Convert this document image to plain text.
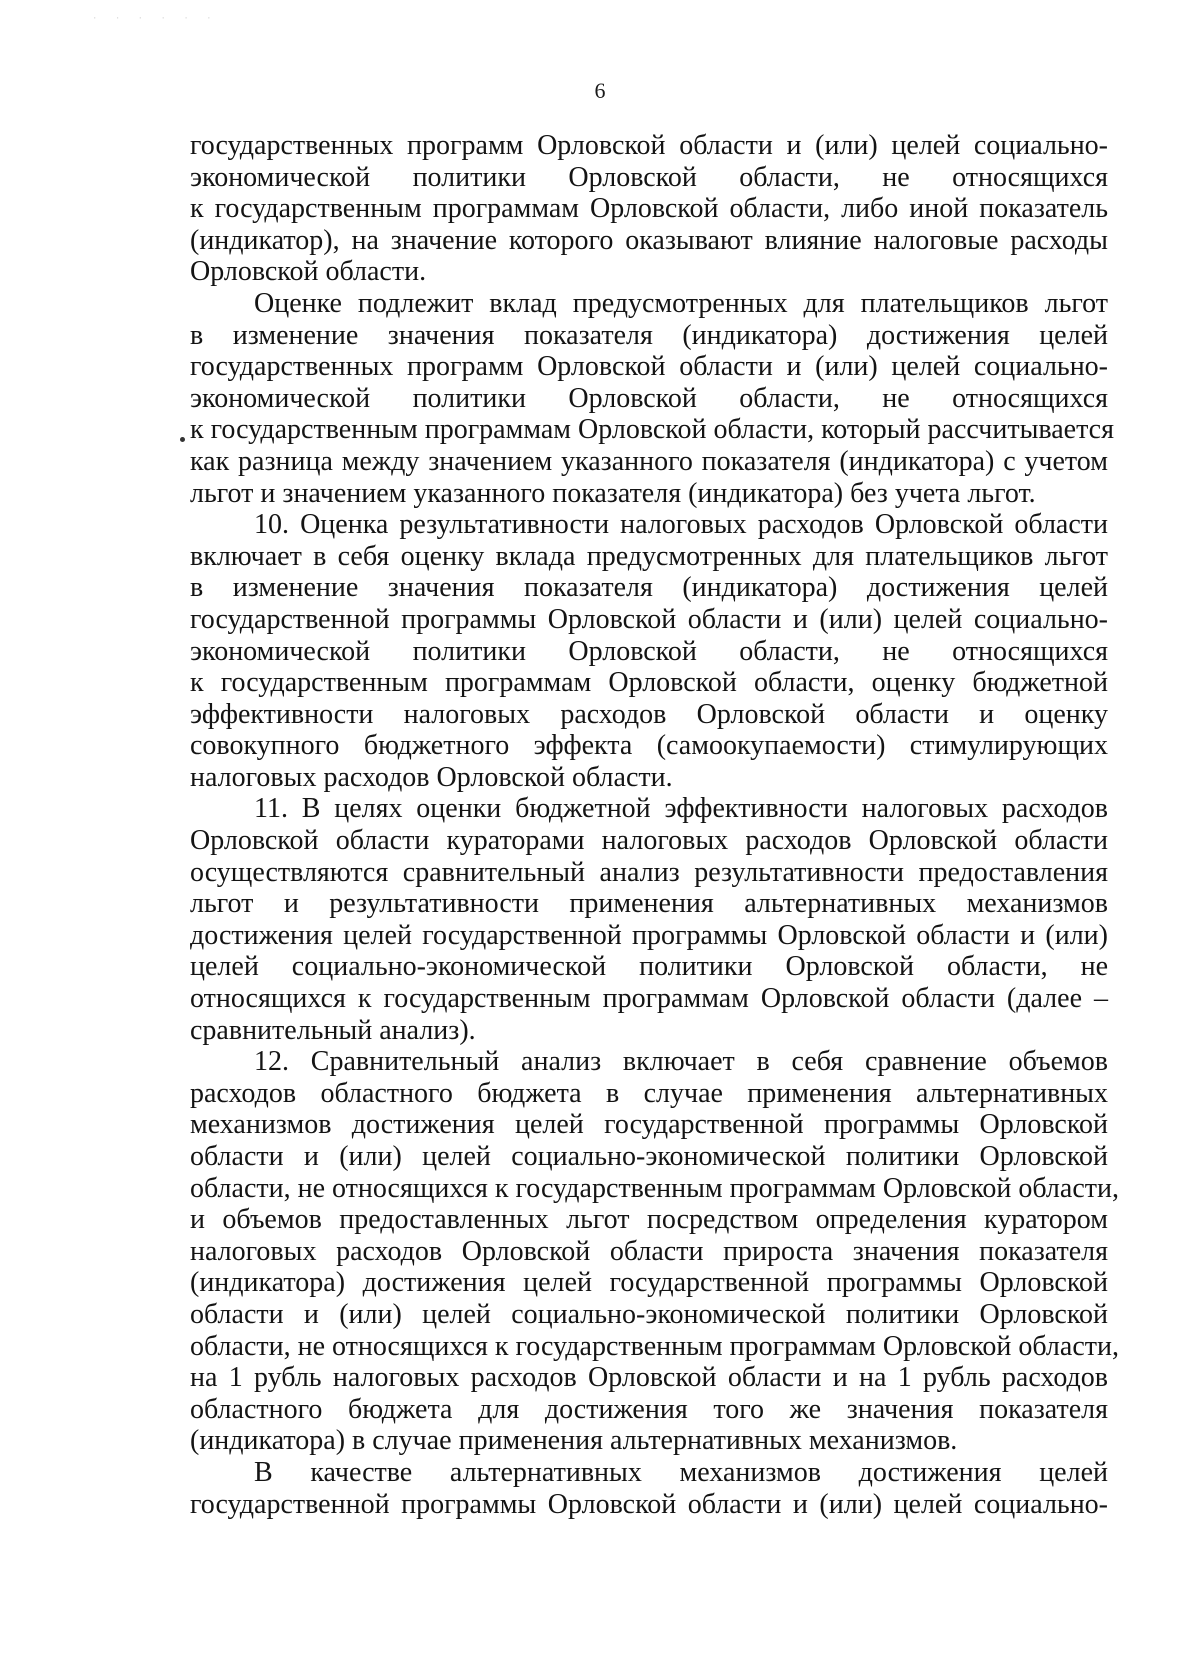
· · · · · ·
6
государственных программ Орловской области и (или) целей социально-
экономической политики Орловской области, не относящихся
к государственным программам Орловской области, либо иной показатель
(индикатор), на значение которого оказывают влияние налоговые расходы
Орловской области.
Оценке подлежит вклад предусмотренных для плательщиков льгот
в изменение значения показателя (индикатора) достижения целей
государственных программ Орловской области и (или) целей социально-
экономической политики Орловской области, не относящихся
к государственным программам Орловской области, который рассчитывается
как разница между значением указанного показателя (индикатора) с учетом
льгот и значением указанного показателя (индикатора) без учета льгот.
10. Оценка результативности налоговых расходов Орловской области
включает в себя оценку вклада предусмотренных для плательщиков льгот
в изменение значения показателя (индикатора) достижения целей
государственной программы Орловской области и (или) целей социально-
экономической политики Орловской области, не относящихся
к государственным программам Орловской области, оценку бюджетной
эффективности налоговых расходов Орловской области и оценку
совокупного бюджетного эффекта (самоокупаемости) стимулирующих
налоговых расходов Орловской области.
11. В целях оценки бюджетной эффективности налоговых расходов
Орловской области кураторами налоговых расходов Орловской области
осуществляются сравнительный анализ результативности предоставления
льгот и результативности применения альтернативных механизмов
достижения целей государственной программы Орловской области и (или)
целей социально-экономической политики Орловской области, не
относящихся к государственным программам Орловской области (далее –
сравнительный анализ).
12. Сравнительный анализ включает в себя сравнение объемов
расходов областного бюджета в случае применения альтернативных
механизмов достижения целей государственной программы Орловской
области и (или) целей социально-экономической политики Орловской
области, не относящихся к государственным программам Орловской области,
и объемов предоставленных льгот посредством определения куратором
налоговых расходов Орловской области прироста значения показателя
(индикатора) достижения целей государственной программы Орловской
области и (или) целей социально-экономической политики Орловской
области, не относящихся к государственным программам Орловской области,
на 1 рубль налоговых расходов Орловской области и на 1 рубль расходов
областного бюджета для достижения того же значения показателя
(индикатора) в случае применения альтернативных механизмов.
В качестве альтернативных механизмов достижения целей
государственной программы Орловской области и (или) целей социально-
